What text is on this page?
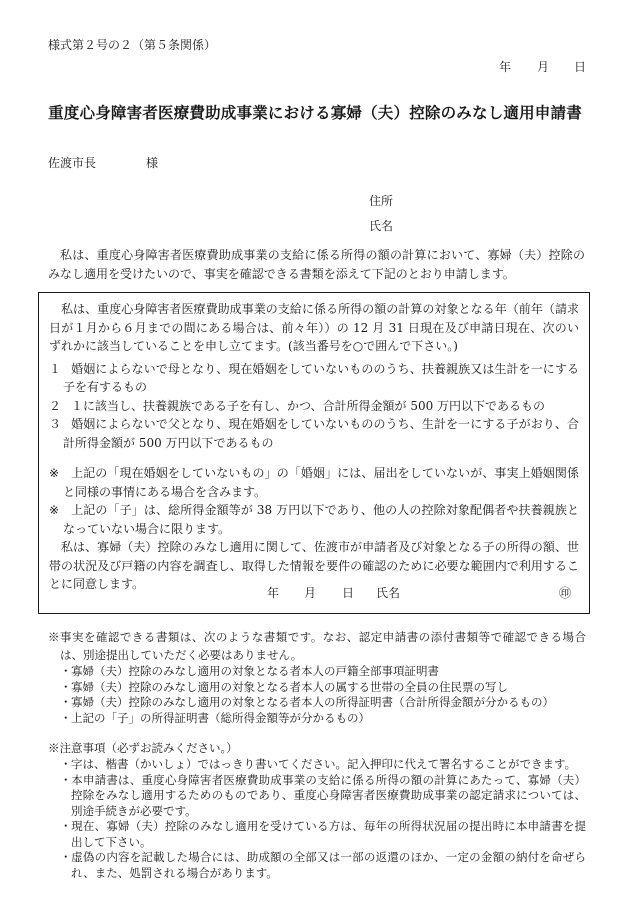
様式第２号の２（第５条関係）
年 月 日
重度心身障害者医療費助成事業における寡婦（夫）控除のみなし適用申請書
佐渡市長	様
住所
氏名

私は、重度心身障害者医療費助成事業の支給に係る所得の額の計算において、寡婦（夫）控除のみなし適用を受けたいので、事実を確認できる書類を添えて下記のとおり申請します。

私は、重度心身障害者医療費助成事業の支給に係る所得の額の計算の対象となる年（前年（請求日が１月から６月までの間にある場合は、前々年））の 12 月 31 日現在及び申請日現在、次のいずれかに該当していることを申し立てます。(該当番号を○で囲んで下さい。)

１ 婚姻によらないで母となり、現在婚姻をしていないもののうち、扶養親族又は生計を一にする子を有するもの

２ １に該当し、扶養親族である子を有し、かつ、合計所得金額が 500 万円以下であるもの

３ 婚姻によらないで父となり、現在婚姻をしていないもののうち、生計を一にする子がおり、合計所得金額が 500 万円以下であるもの

※ 上記の「現在婚姻をしていないもの」の「婚姻」には、届出をしていないが、事実上婚姻関係と同様の事情にある場合を含みます。

※ 上記の「子」は、総所得金額等が 38 万円以下であり、他の人の控除対象配偶者や扶養親族となっていない場合に限ります。

私は、寡婦（夫）控除のみなし適用に関して、佐渡市が申請者及び対象となる子の所得の額、世帯の状況及び戸籍の内容を調査し、取得した情報を要件の確認のために必要な範囲内で利用することに同意します。

年 月 日 氏名	㊞

※事実を確認できる書類は、次のような書類です。なお、認定申請書の添付書類等で確認できる場合は、別途提出していただく必要はありません。

・寡婦（夫）控除のみなし適用の対象となる者本人の戸籍全部事項証明書
・寡婦（夫）控除のみなし適用の対象となる者本人の属する世帯の全員の住民票の写し
・寡婦（夫）控除のみなし適用の対象となる者本人の所得証明書（合計所得金額が分かるもの）
・上記の「子」の所得証明書（総所得金額等が分かるもの）

※注意事項（必ずお読みください。）

・字は、楷書（かいしょ）ではっきり書いてください。記入押印に代えて署名することができます。
・本申請書は、重度心身障害者医療費助成事業の支給に係る所得の額の計算にあたって、寡婦（夫）控除をみなし適用するためのものであり、重度心身障害者医療費助成事業の認定請求については、別途手続きが必要です。
・現在、寡婦（夫）控除のみなし適用を受けている方は、毎年の所得状況届の提出時に本申請書を提出して下さい。
・虚偽の内容を記載した場合には、助成額の全部又は一部の返還のほか、一定の金額の納付を命ぜられ、また、処罰される場合があります。
